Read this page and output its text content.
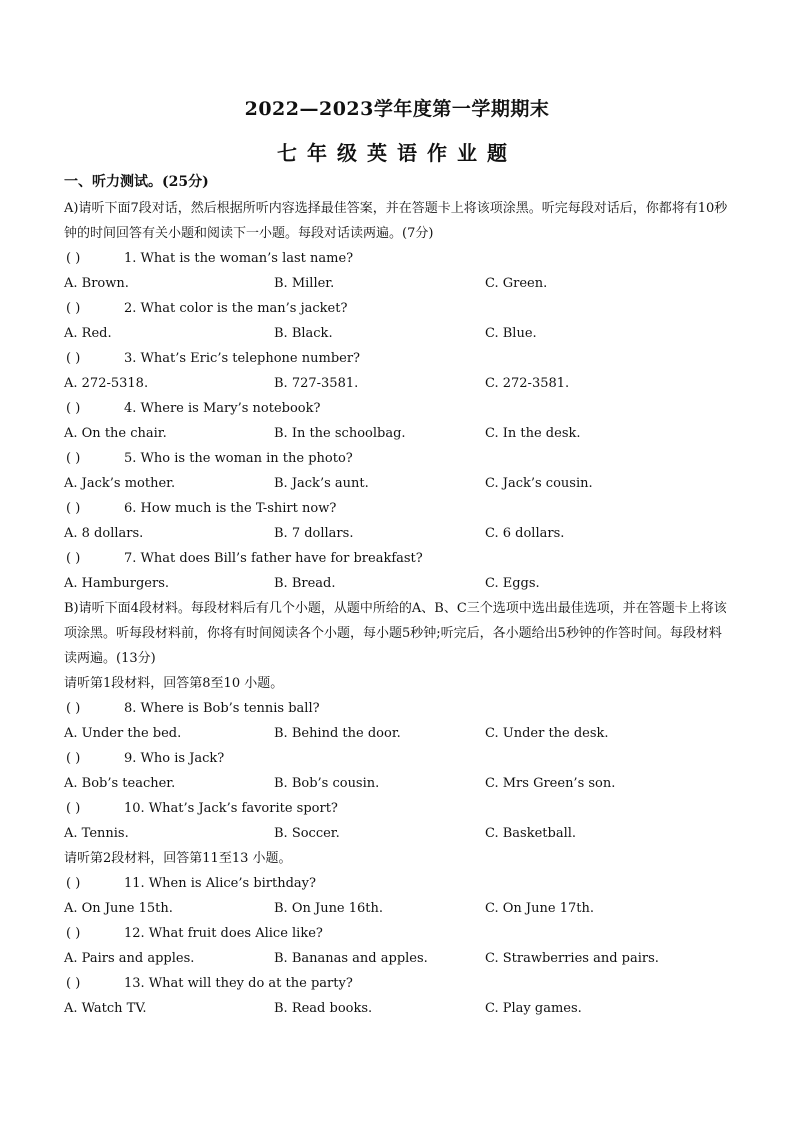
2022—2023学年度第一学期期末
七年级英语作业题
一、听力测试。(25分)

A)请听下面7段对话，然后根据所听内容选择最佳答案，并在答题卡上将该项涂黑。听完每段对话后，你都将有10秒钟的时间回答有关小题和阅读下一小题。每段对话读两遍。(7分)

( )	1. What is the woman’s last name?
A. Brown.	B. Miller.	C. Green.
( )	2. What color is the man’s jacket?
A. Red.	B. Black.	C. Blue.
( )	3. What’s Eric’s telephone number?
A. 272-5318.	B. 727-3581.	C. 272-3581.
( )	4. Where is Mary’s notebook?
A. On the chair.	B. In the schoolbag.	C. In the desk.
( )	5. Who is the woman in the photo?
A. Jack’s mother.	B. Jack’s aunt.	C. Jack’s cousin.
( )	6. How much is the T-shirt now?
A. 8 dollars.	B. 7 dollars.	C. 6 dollars.
( )	7. What does Bill’s father have for breakfast?
A. Hamburgers.	B. Bread.	C. Eggs.

B)请听下面4段材料。每段材料后有几个小题，从题中所给的A、B、C三个选项中选出最佳选项，并在答题卡上将该项涂黑。听每段材料前，你将有时间阅读各个小题，每小题5秒钟;听完后，各小题给出5秒钟的作答时间。每段材料读两遍。(13分)

请听第1段材料，回答第8至10 小题。

( )	8. Where is Bob’s tennis ball?
A. Under the bed.	B. Behind the door.	C. Under the desk.
( )	9. Who is Jack?
A. Bob’s teacher.	B. Bob’s cousin.	C. Mrs Green’s son.
( )	10. What’s Jack’s favorite sport?
A. Tennis.	B. Soccer.	C. Basketball.

请听第2段材料，回答第11至13 小题。

( )	11. When is Alice’s birthday?
A. On June 15th.	B. On June 16th.	C. On June 17th.
( )	12. What fruit does Alice like?
A. Pairs and apples.	B. Bananas and apples.	C. Strawberries and pairs.
( )	13. What will they do at the party?
A. Watch TV.	B. Read books.	C. Play games.
